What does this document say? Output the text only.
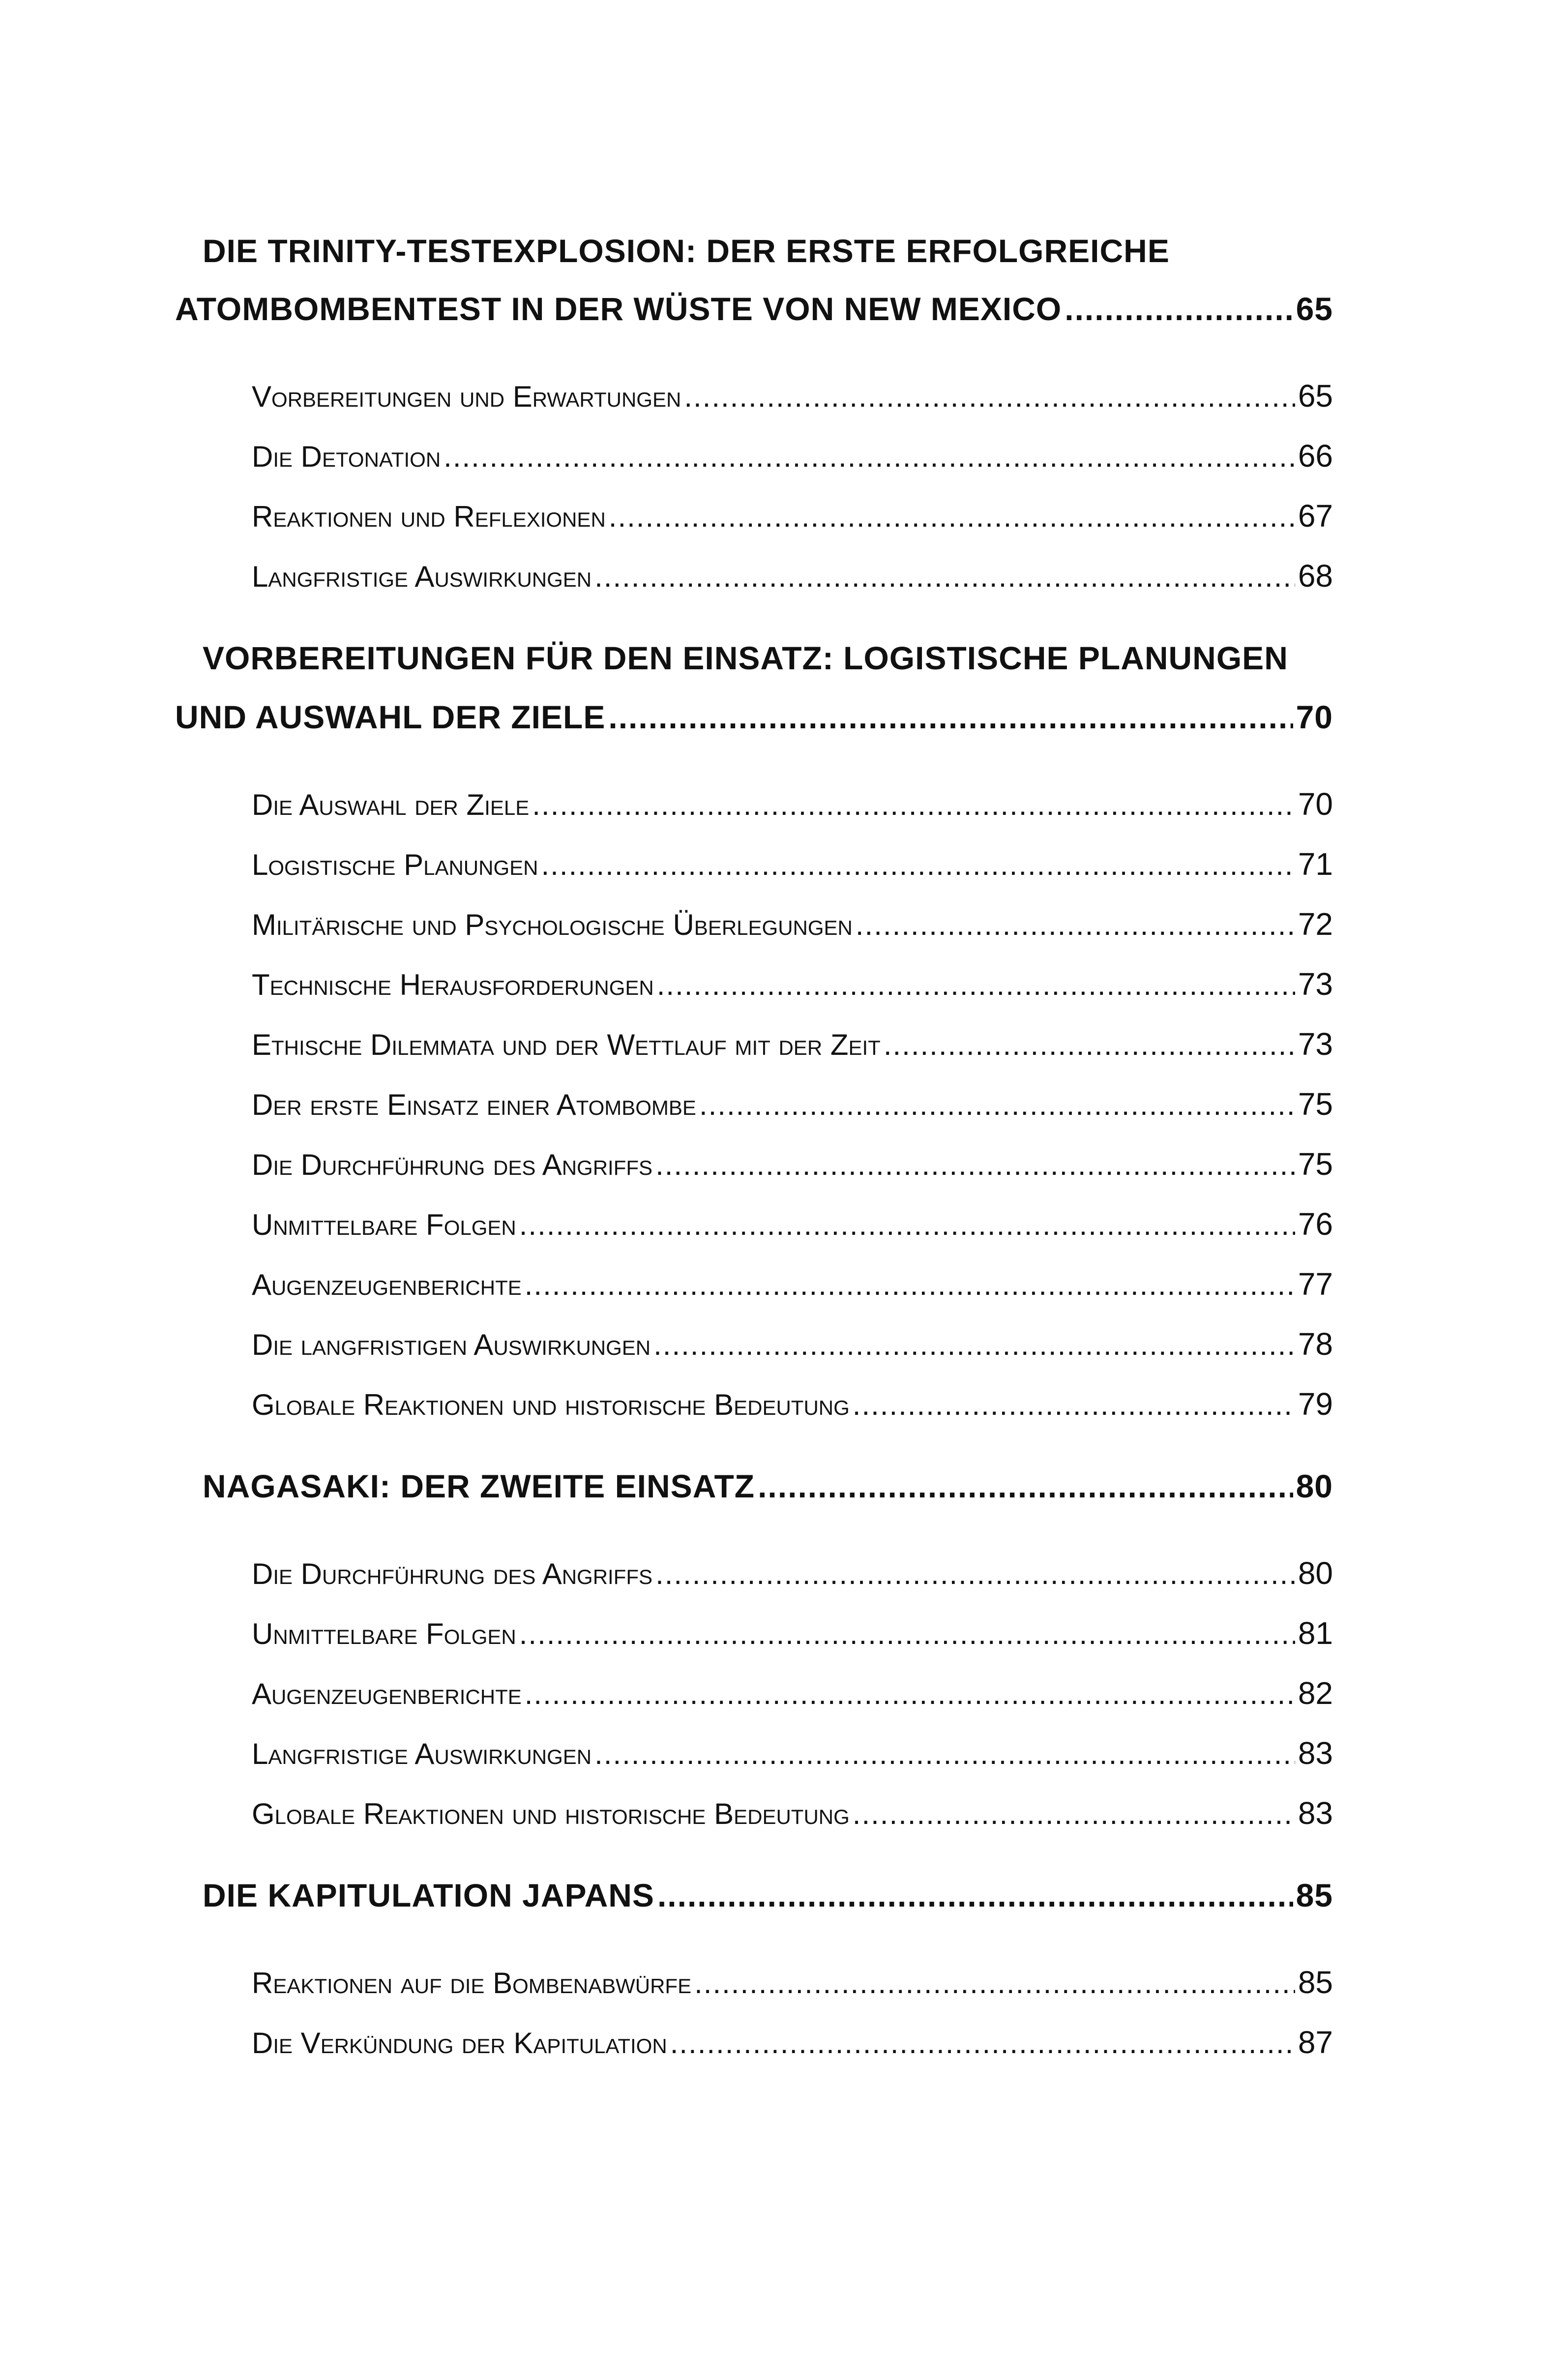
DIE TRINITY-TESTEXPLOSION: DER ERSTE ERFOLGREICHE
ATOMBOMBENTEST IN DER WÜSTE VON NEW MEXICO .....	65
Vorbereitungen und Erwartungen .....	65
Die Detonation .....	66
Reaktionen und Reflexionen .....	67
Langfristige Auswirkungen .....	68
VORBEREITUNGEN FÜR DEN EINSATZ: LOGISTISCHE PLANUNGEN
UND AUSWAHL DER ZIELE .....	70
Die Auswahl der Ziele .....	70
Logistische Planungen .....	71
Militärische und Psychologische Überlegungen .....	72
Technische Herausforderungen .....	73
Ethische Dilemmata und der Wettlauf mit der Zeit .....	73
Der erste Einsatz einer Atombombe .....	75
Die Durchführung des Angriffs .....	75
Unmittelbare Folgen .....	76
Augenzeugenberichte .....	77
Die langfristigen Auswirkungen .....	78
Globale Reaktionen und historische Bedeutung .....	79
NAGASAKI: DER ZWEITE EINSATZ .....	80
Die Durchführung des Angriffs .....	80
Unmittelbare Folgen .....	81
Augenzeugenberichte .....	82
Langfristige Auswirkungen .....	83
Globale Reaktionen und historische Bedeutung .....	83
DIE KAPITULATION JAPANS .....	85
Reaktionen auf die Bombenabwürfe .....	85
Die Verkündung der Kapitulation .....	87
